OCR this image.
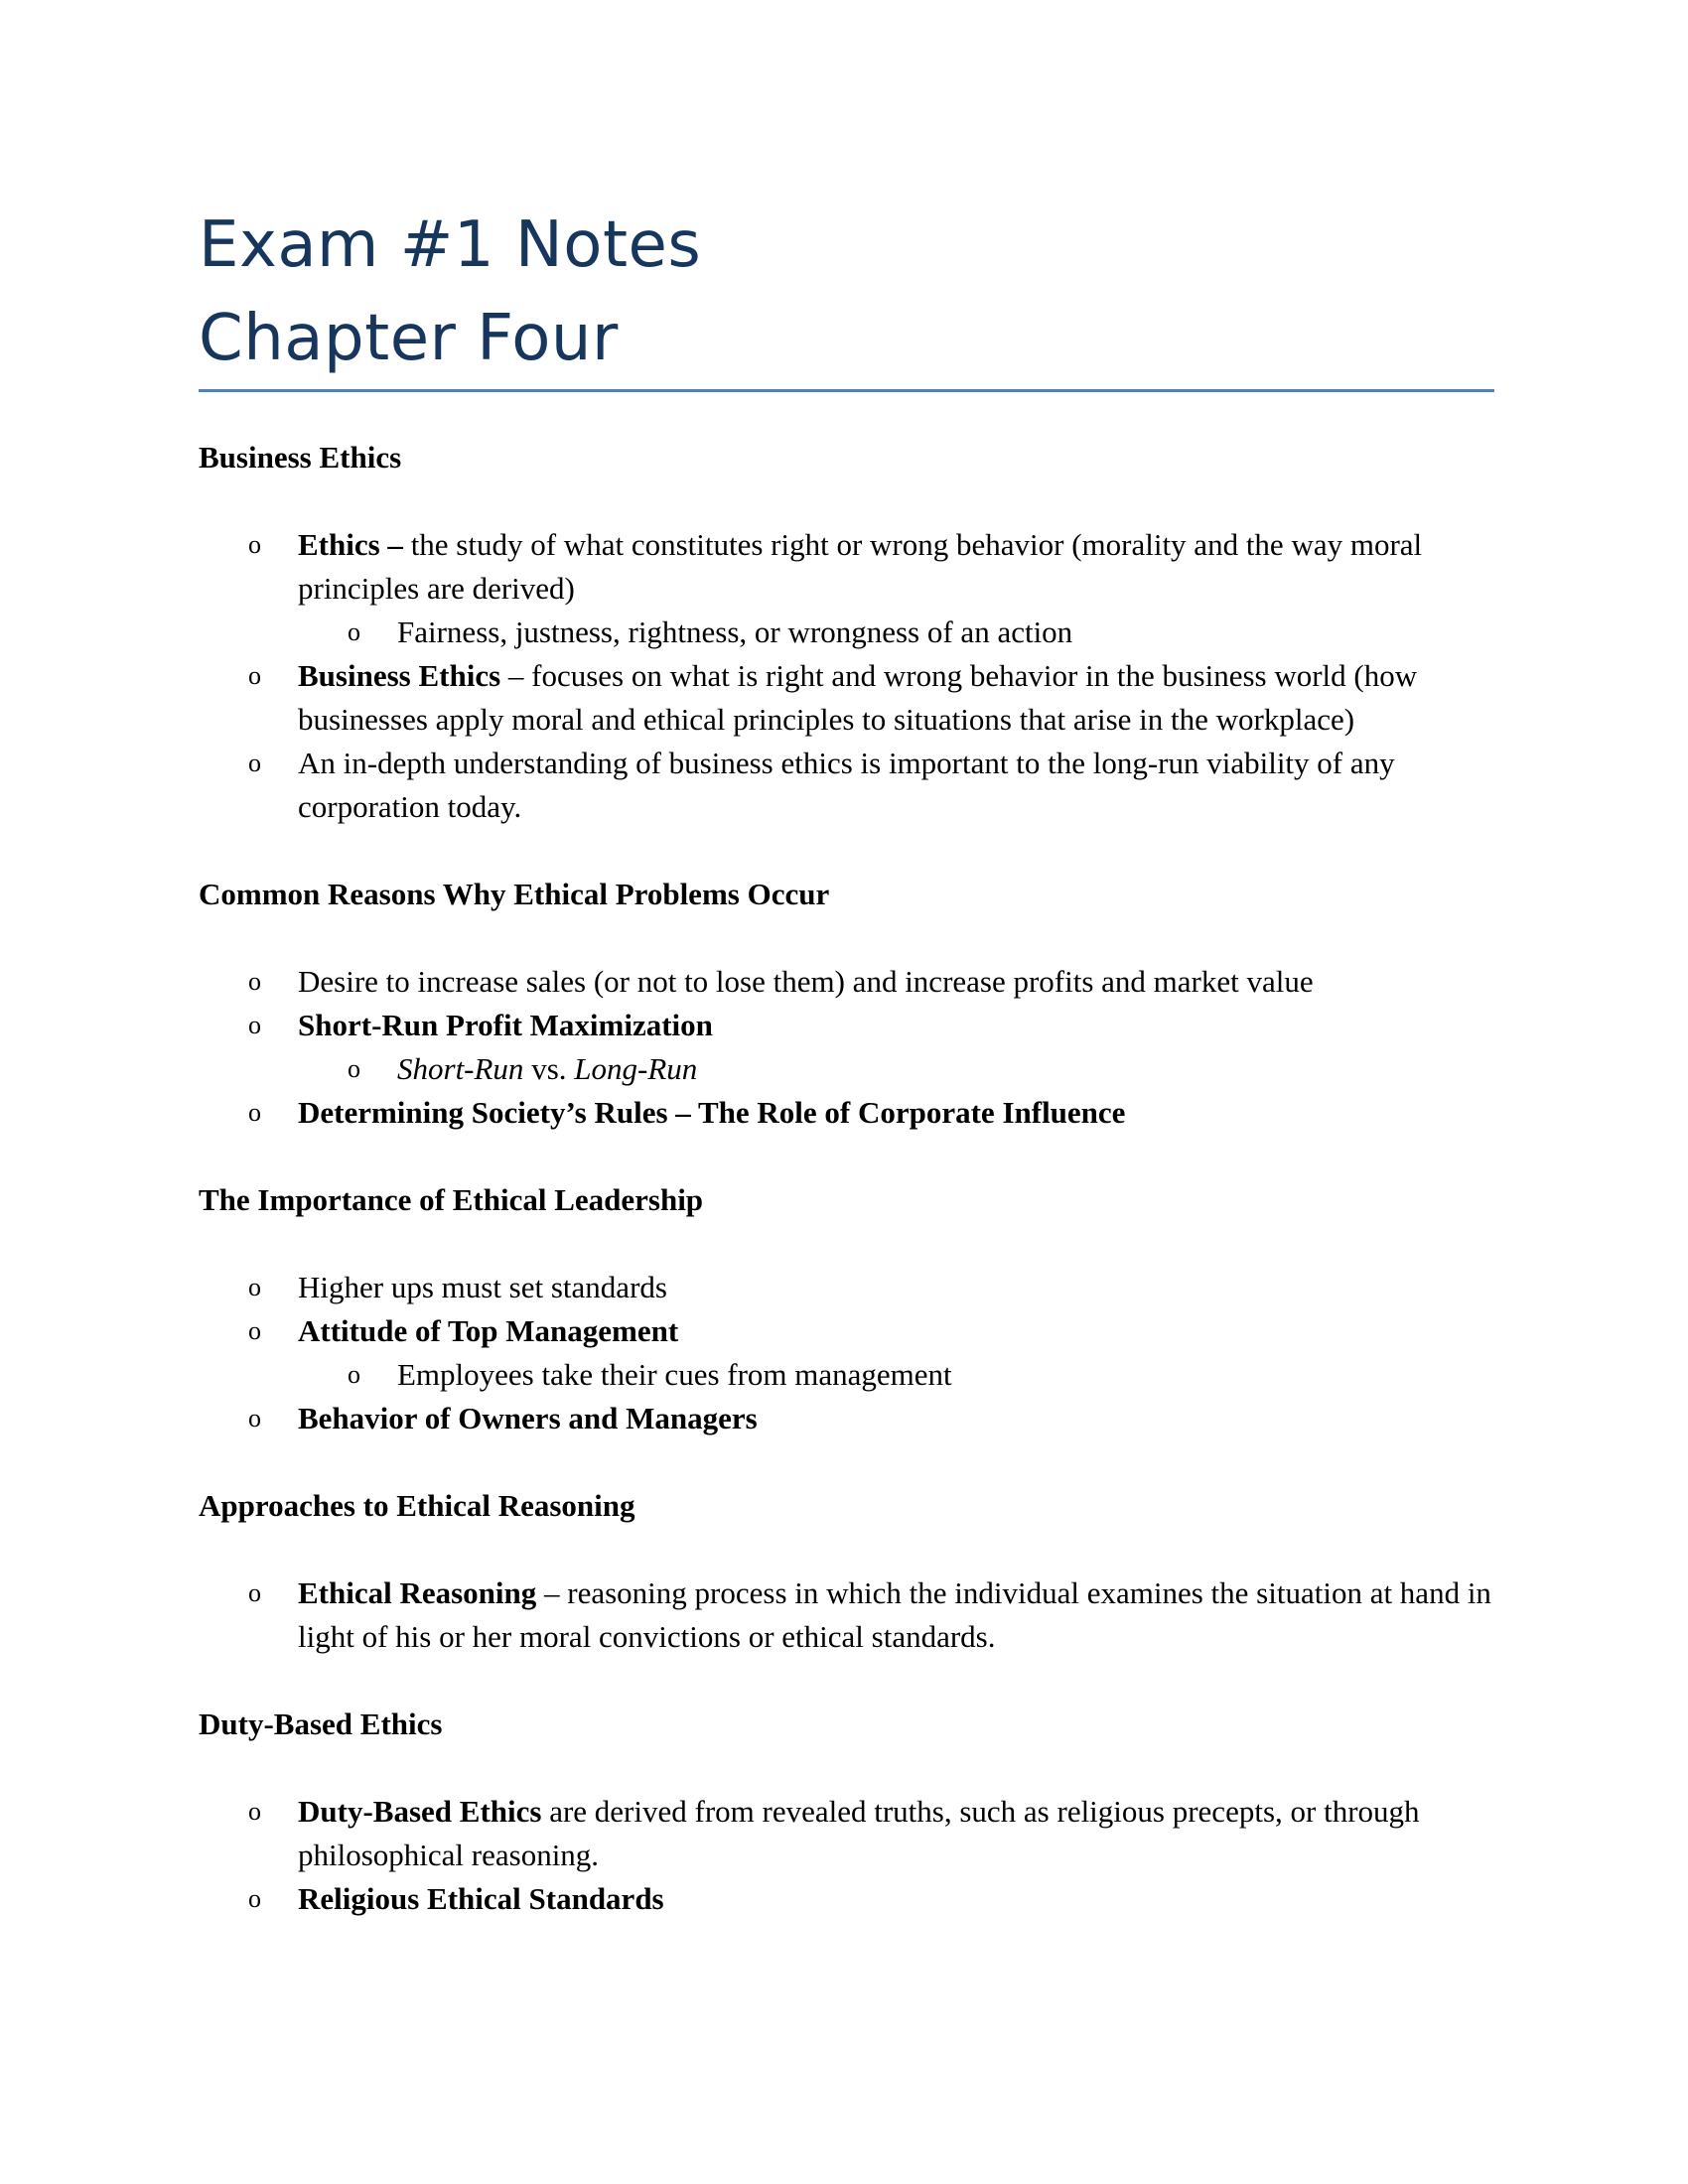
Exam #1 Notes
Chapter Four

Business Ethics

o Ethics – the study of what constitutes right or wrong behavior (morality and the way moral principles are derived)
o Fairness, justness, rightness, or wrongness of an action
o Business Ethics – focuses on what is right and wrong behavior in the business world (how businesses apply moral and ethical principles to situations that arise in the workplace)
o An in-depth understanding of business ethics is important to the long-run viability of any corporation today.

Common Reasons Why Ethical Problems Occur

o Desire to increase sales (or not to lose them) and increase profits and market value
o Short-Run Profit Maximization
o Short-Run vs. Long-Run
o Determining Society’s Rules – The Role of Corporate Influence

The Importance of Ethical Leadership

o Higher ups must set standards
o Attitude of Top Management
o Employees take their cues from management
o Behavior of Owners and Managers

Approaches to Ethical Reasoning

o Ethical Reasoning – reasoning process in which the individual examines the situation at hand in light of his or her moral convictions or ethical standards.

Duty-Based Ethics

o Duty-Based Ethics are derived from revealed truths, such as religious precepts, or through philosophical reasoning.
o Religious Ethical Standards
